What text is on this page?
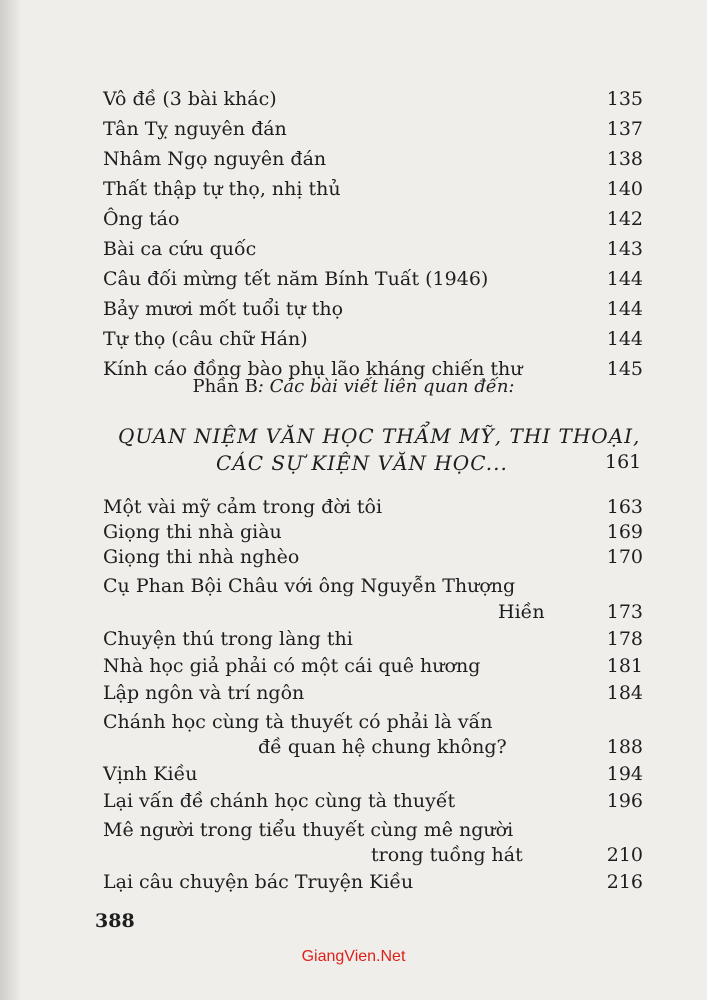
Vô đề (3 bài khác)	135
Tân Tỵ nguyên đán	137
Nhâm Ngọ nguyên đán	138
Thất thập tự thọ, nhị thủ	140
Ông táo	142
Bài ca cứu quốc	143
Câu đối mừng tết năm Bính Tuất (1946)	144
Bảy mươi mốt tuổi tự thọ	144
Tự thọ (câu chữ Hán)	144
Kính cáo đồng bào phụ lão kháng chiến thư	145
Phần B: Các bài viết liên quan đến:
QUAN NIỆM VĂN HỌC THẨM MỸ, THI THOẠI,
CÁC SỰ KIỆN VĂN HỌC...	161
Một vài mỹ cảm trong đời tôi	163
Giọng thi nhà giàu	169
Giọng thi nhà nghèo	170
Cụ Phan Bội Châu với ông Nguyễn Thượng
Hiền	173
Chuyện thú trong làng thi	178
Nhà học giả phải có một cái quê hương	181
Lập ngôn và trí ngôn	184
Chánh học cùng tà thuyết có phải là vấn
đề quan hệ chung không?	188
Vịnh Kiều	194
Lại vấn đề chánh học cùng tà thuyết	196
Mê người trong tiểu thuyết cùng mê người
trong tuồng hát	210
Lại câu chuyện bác Truyện Kiều	216
388
GiangVien.Net
